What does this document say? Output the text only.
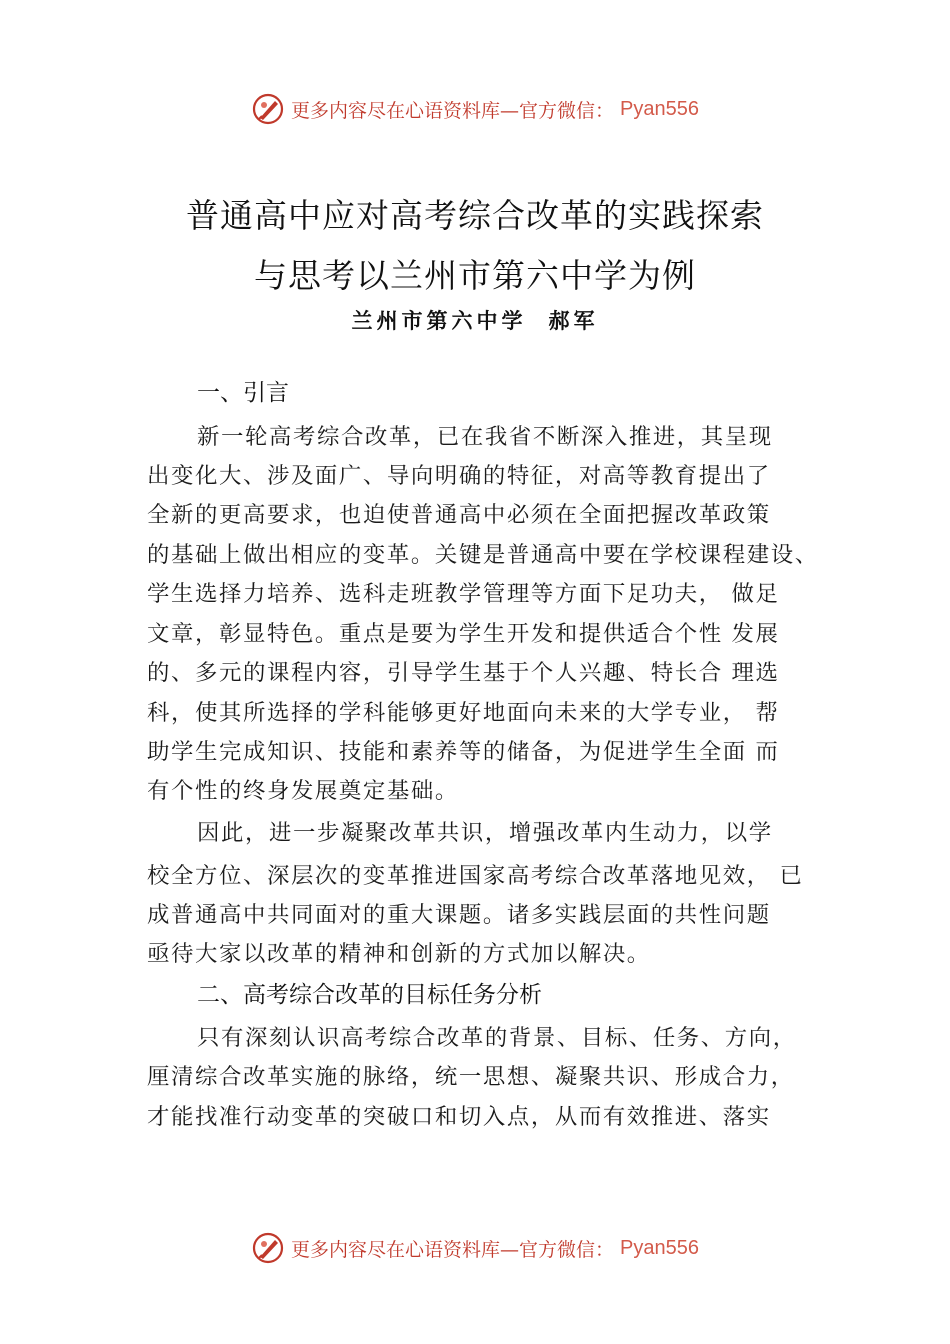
更多内容尽在心语资料库—官方微信： Pyan556
普通高中应对高考综合改革的实践探索
与思考以兰州市第六中学为例
兰州市第六中学 郝军
一、引言
新一轮高考综合改革，已在我省不断深入推进，其呈现
出变化大、涉及面广、导向明确的特征，对高等教育提出了
全新的更高要求，也迫使普通高中必须在全面把握改革政策
的基础上做出相应的变革。关键是普通高中要在学校课程建设、
学生选择力培养、选科走班教学管理等方面下足功夫， 做足
文章，彰显特色。重点是要为学生开发和提供适合个性 发展
的、多元的课程内容，引导学生基于个人兴趣、特长合 理选
科，使其所选择的学科能够更好地面向未来的大学专业， 帮
助学生完成知识、技能和素养等的储备，为促进学生全面 而
有个性的终身发展奠定基础。
因此，进一步凝聚改革共识，增强改革内生动力，以学
校全方位、深层次的变革推进国家高考综合改革落地见效， 已
成普通高中共同面对的重大课题。诸多实践层面的共性问题
亟待大家以改革的精神和创新的方式加以解决。
二、高考综合改革的目标任务分析
只有深刻认识高考综合改革的背景、目标、任务、方向，
厘清综合改革实施的脉络，统一思想、凝聚共识、形成合力，
才能找准行动变革的突破口和切入点，从而有效推进、落实
更多内容尽在心语资料库—官方微信： Pyan556
